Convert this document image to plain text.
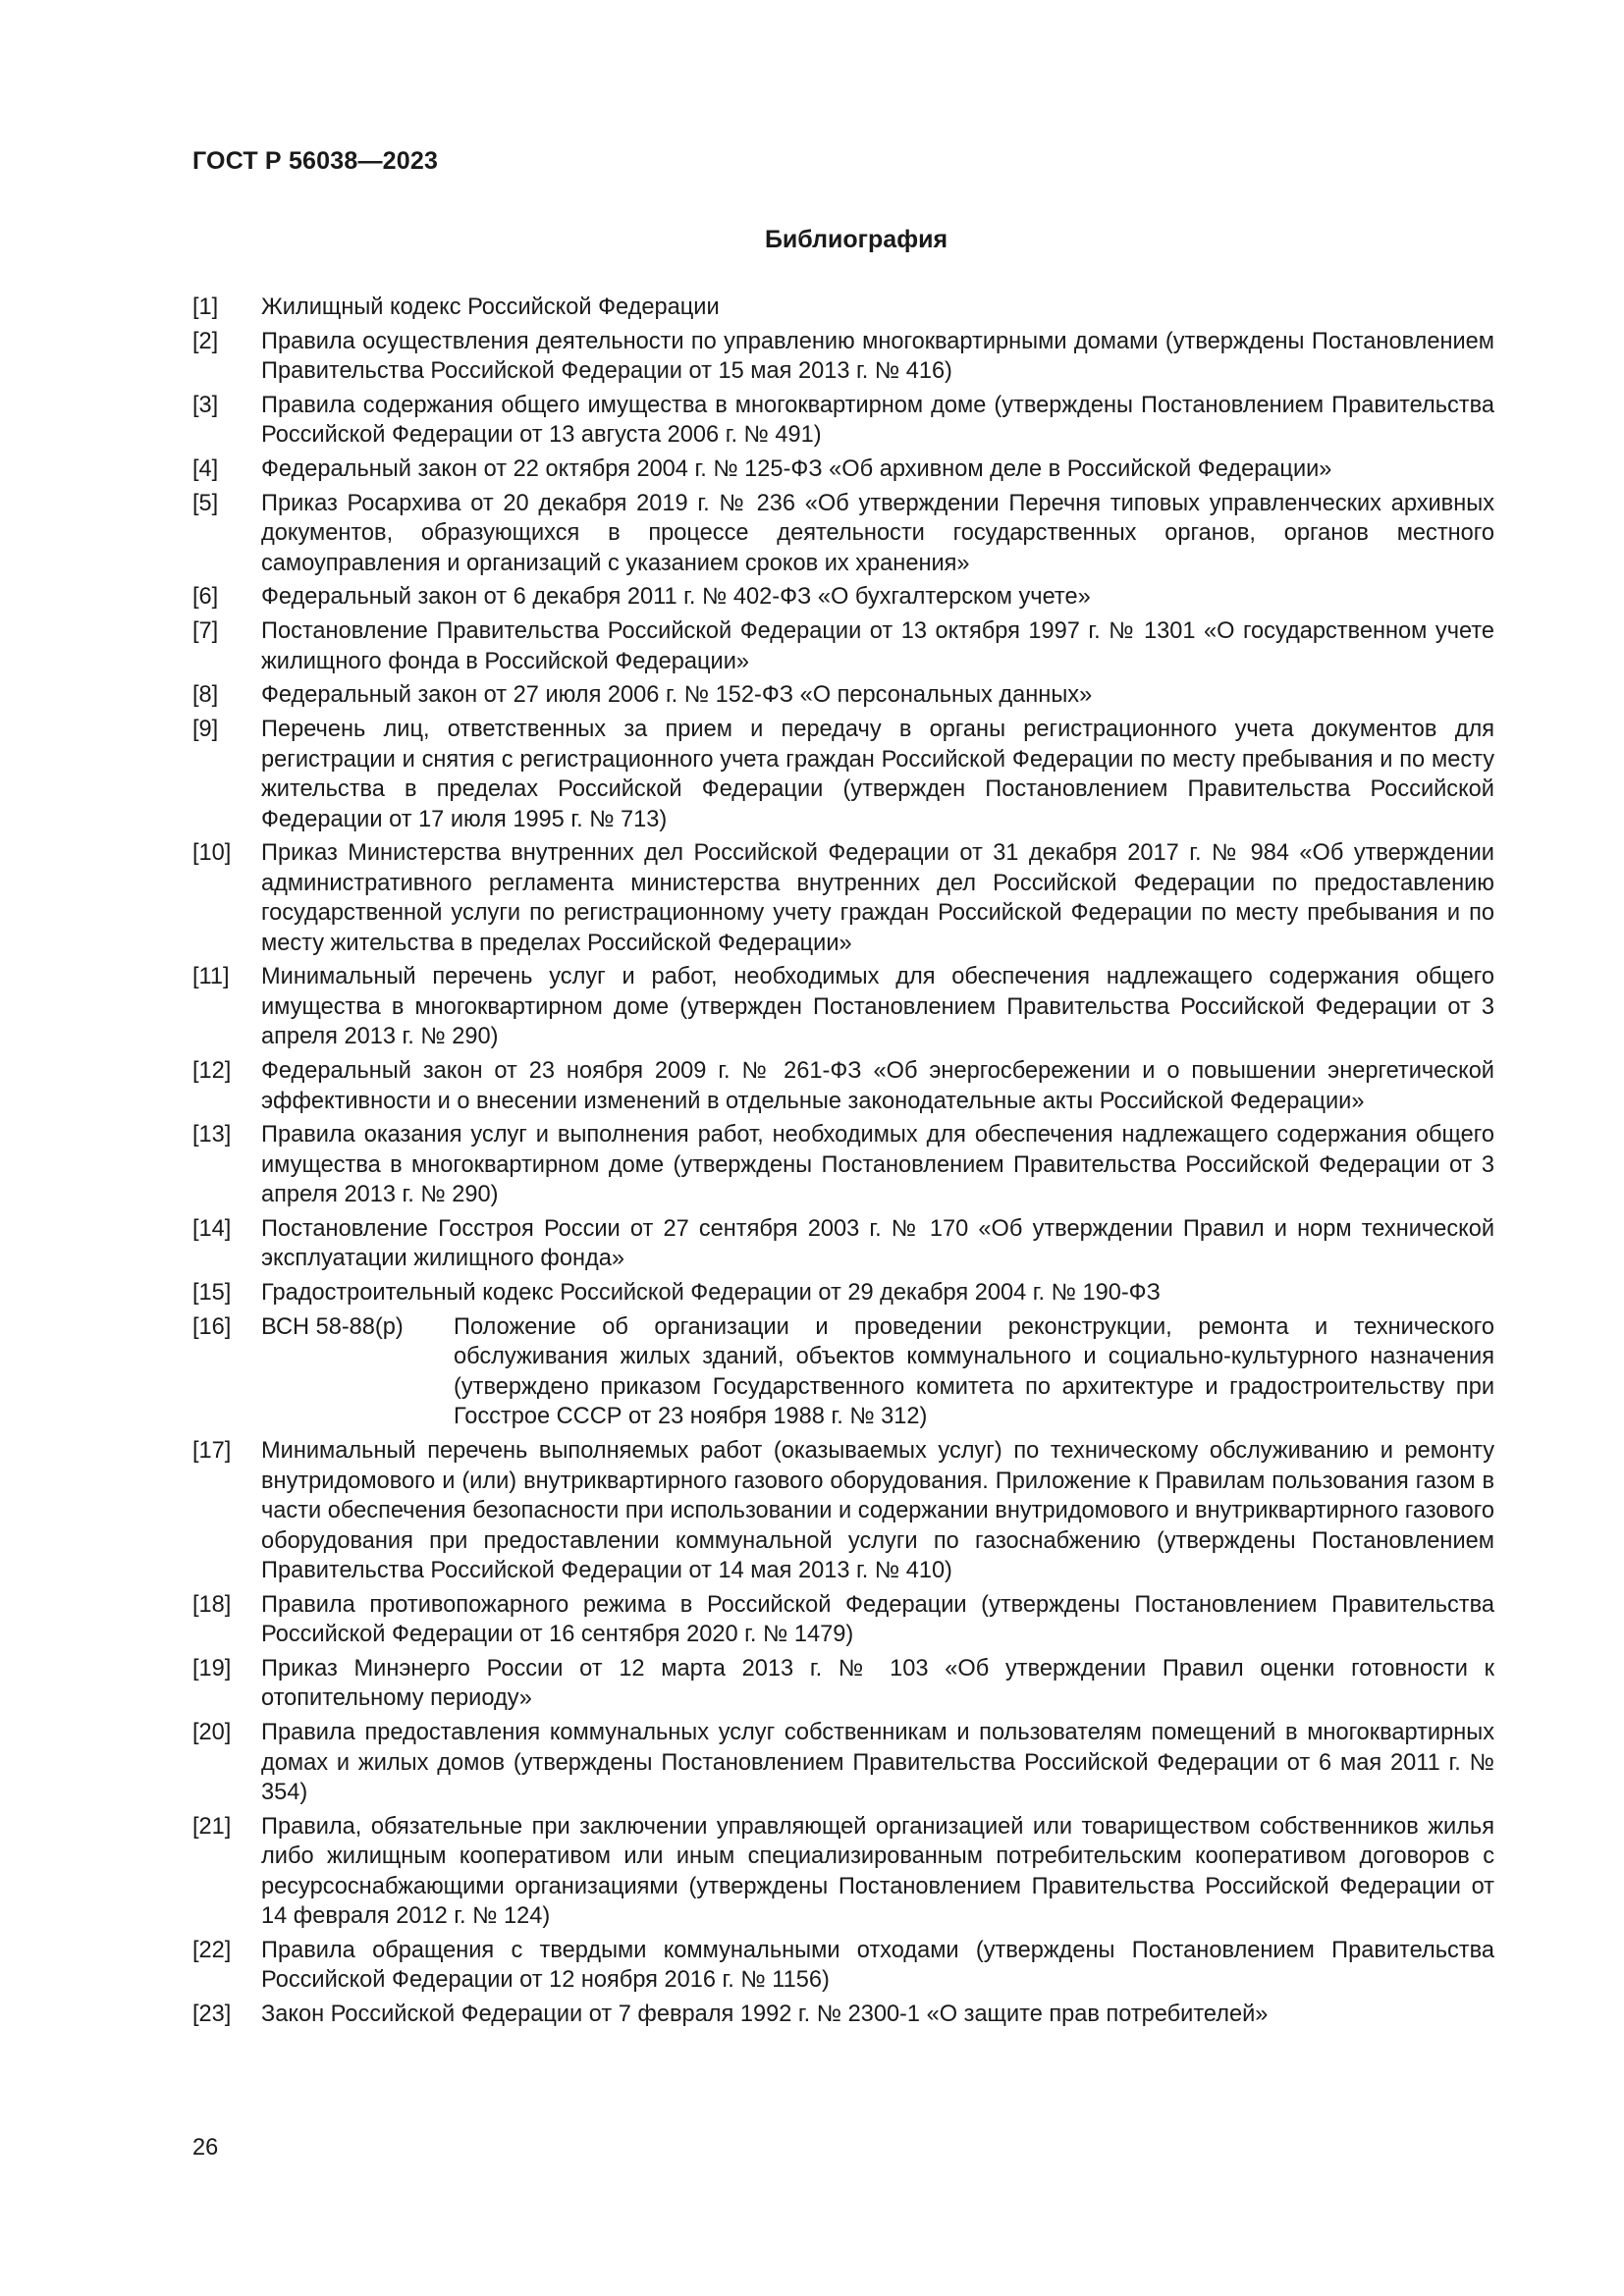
ГОСТ Р 56038—2023
Библиография
[1]	Жилищный кодекс Российской Федерации
[2]	Правила осуществления деятельности по управлению многоквартирными домами (утверждены Постановлением Правительства Российской Федерации от 15 мая 2013 г. № 416)
[3]	Правила содержания общего имущества в многоквартирном доме (утверждены Постановлением Правительства Российской Федерации от 13 августа 2006 г. № 491)
[4]	Федеральный закон от 22 октября 2004 г. № 125-ФЗ «Об архивном деле в Российской Федерации»
[5]	Приказ Росархива от 20 декабря 2019 г. № 236 «Об утверждении Перечня типовых управленческих архивных документов, образующихся в процессе деятельности государственных органов, органов местного самоуправления и организаций с указанием сроков их хранения»
[6]	Федеральный закон от 6 декабря 2011 г. № 402-ФЗ «О бухгалтерском учете»
[7]	Постановление Правительства Российской Федерации от 13 октября 1997 г. № 1301 «О государственном учете жилищного фонда в Российской Федерации»
[8]	Федеральный закон от 27 июля 2006 г. № 152-ФЗ «О персональных данных»
[9]	Перечень лиц, ответственных за прием и передачу в органы регистрационного учета документов для регистрации и снятия с регистрационного учета граждан Российской Федерации по месту пребывания и по месту жительства в пределах Российской Федерации (утвержден Постановлением Правительства Российской Федерации от 17 июля 1995 г. № 713)
[10]	Приказ Министерства внутренних дел Российской Федерации от 31 декабря 2017 г. № 984 «Об утверждении административного регламента министерства внутренних дел Российской Федерации по предоставлению государственной услуги по регистрационному учету граждан Российской Федерации по месту пребывания и по месту жительства в пределах Российской Федерации»
[11]	Минимальный перечень услуг и работ, необходимых для обеспечения надлежащего содержания общего имущества в многоквартирном доме (утвержден Постановлением Правительства Российской Федерации от 3 апреля 2013 г. № 290)
[12]	Федеральный закон от 23 ноября 2009 г. № 261-ФЗ «Об энергосбережении и о повышении энергетической эффективности и о внесении изменений в отдельные законодательные акты Российской Федерации»
[13]	Правила оказания услуг и выполнения работ, необходимых для обеспечения надлежащего содержания общего имущества в многоквартирном доме (утверждены Постановлением Правительства Российской Федерации от 3 апреля 2013 г. № 290)
[14]	Постановление Госстроя России от 27 сентября 2003 г. № 170 «Об утверждении Правил и норм технической эксплуатации жилищного фонда»
[15]	Градостроительный кодекс Российской Федерации от 29 декабря 2004 г. № 190-ФЗ
[16]	ВСН 58-88(р)	Положение об организации и проведении реконструкции, ремонта и технического обслуживания жилых зданий, объектов коммунального и социально-культурного назначения (утверждено приказом Государственного комитета по архитектуре и градостроительству при Госстрое СССР от 23 ноября 1988 г. № 312)
[17]	Минимальный перечень выполняемых работ (оказываемых услуг) по техническому обслуживанию и ремонту внутридомового и (или) внутриквартирного газового оборудования. Приложение к Правилам пользования газом в части обеспечения безопасности при использовании и содержании внутридомового и внутриквартирного газового оборудования при предоставлении коммунальной услуги по газоснабжению (утверждены Постановлением Правительства Российской Федерации от 14 мая 2013 г. № 410)
[18]	Правила противопожарного режима в Российской Федерации (утверждены Постановлением Правительства Российской Федерации от 16 сентября 2020 г. № 1479)
[19]	Приказ Минэнерго России от 12 марта 2013 г. № 103 «Об утверждении Правил оценки готовности к отопительному периоду»
[20]	Правила предоставления коммунальных услуг собственникам и пользователям помещений в многоквартирных домах и жилых домов (утверждены Постановлением Правительства Российской Федерации от 6 мая 2011 г. № 354)
[21]	Правила, обязательные при заключении управляющей организацией или товариществом собственников жилья либо жилищным кооперативом или иным специализированным потребительским кооперативом договоров с ресурсоснабжающими организациями (утверждены Постановлением Правительства Российской Федерации от 14 февраля 2012 г. № 124)
[22]	Правила обращения с твердыми коммунальными отходами (утверждены Постановлением Правительства Российской Федерации от 12 ноября 2016 г. № 1156)
[23]	Закон Российской Федерации от 7 февраля 1992 г. № 2300-1 «О защите прав потребителей»
26
